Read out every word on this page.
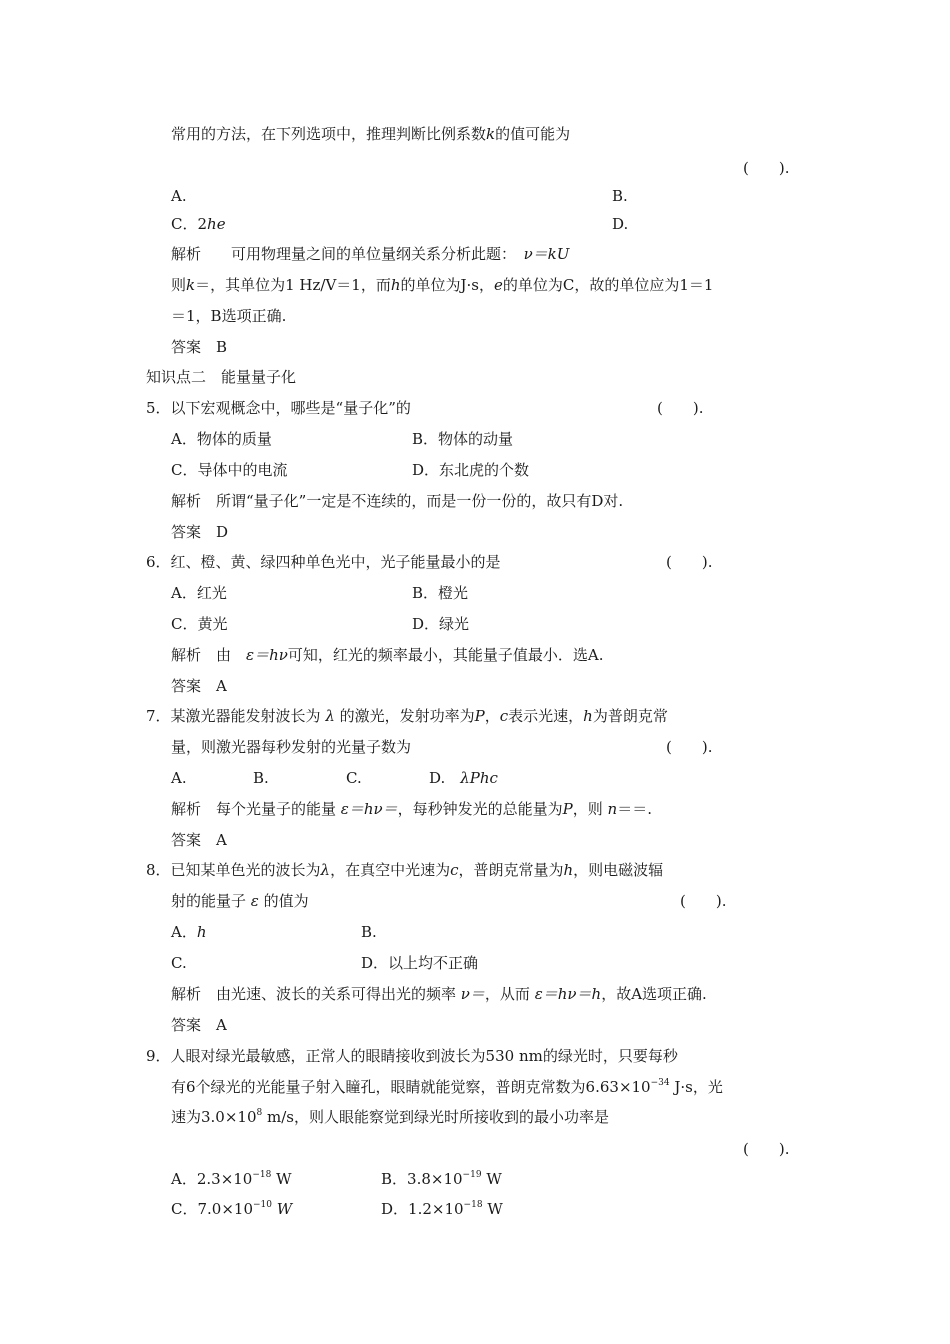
常用的方法，在下列选项中，推理判断比例系数k的值可能为
(　　).
A.	B.
C．2he	D.
解析　　 可用物理量之间的单位量纲关系分析此题：　 ν＝kU
则k＝，其单位为1 Hz/V＝1，而h的单位为J·s，e的单位为C，故的单位应为1＝1
＝1，B选项正确.
答案　B
知识点二　能量量子化
5．以下宏观概念中，哪些是“量子化”的	(　　).
A．物体的质量	B．物体的动量
C．导体中的电流	D．东北虎的个数
解析　所谓“量子化”一定是不连续的，而是一份一份的，故只有D对.
答案　D
6．红、橙、黄、绿四种单色光中，光子能量最小的是	(　　).
A．红光	B．橙光
C．黄光	D．绿光
解析　由　ε＝hν可知，红光的频率最小，其能量子值最小．选A.
答案　A
7．某激光器能发射波长为 λ 的激光，发射功率为P，c表示光速，h为普朗克常
量，则激光器每秒发射的光量子数为	(　　).
A.	B.	C.	D.　 λPhc
解析　每个光量子的能量 ε＝hν＝，每秒钟发光的总能量为P，则 n＝＝.
答案　A
8．已知某单色光的波长为λ，在真空中光速为c，普朗克常量为h，则电磁波辐
射的能量子 ε 的值为	(　　).
A．h	B.
C.	D．以上均不正确
解析　由光速、波长的关系可得出光的频率 ν＝，从而 ε＝hν＝h，故A选项正确.
答案　A
9．人眼对绿光最敏感，正常人的眼睛接收到波长为530 nm的绿光时，只要每秒
有6个绿光的光能量子射入瞳孔，眼睛就能觉察，普朗克常数为$6.63\times 10^{-34}$ J·s，光
速为$3.0\times 10^8$ m/s，则人眼能察觉到绿光时所接收到的最小功率是
(　　).
A．$2.3\times 10^{-18}$ W	B．$3.8\times 10^{-19}$ W
C．$7.0\times 10^{-10}$ W	D．$1.2\times 10^{-18}$ W
